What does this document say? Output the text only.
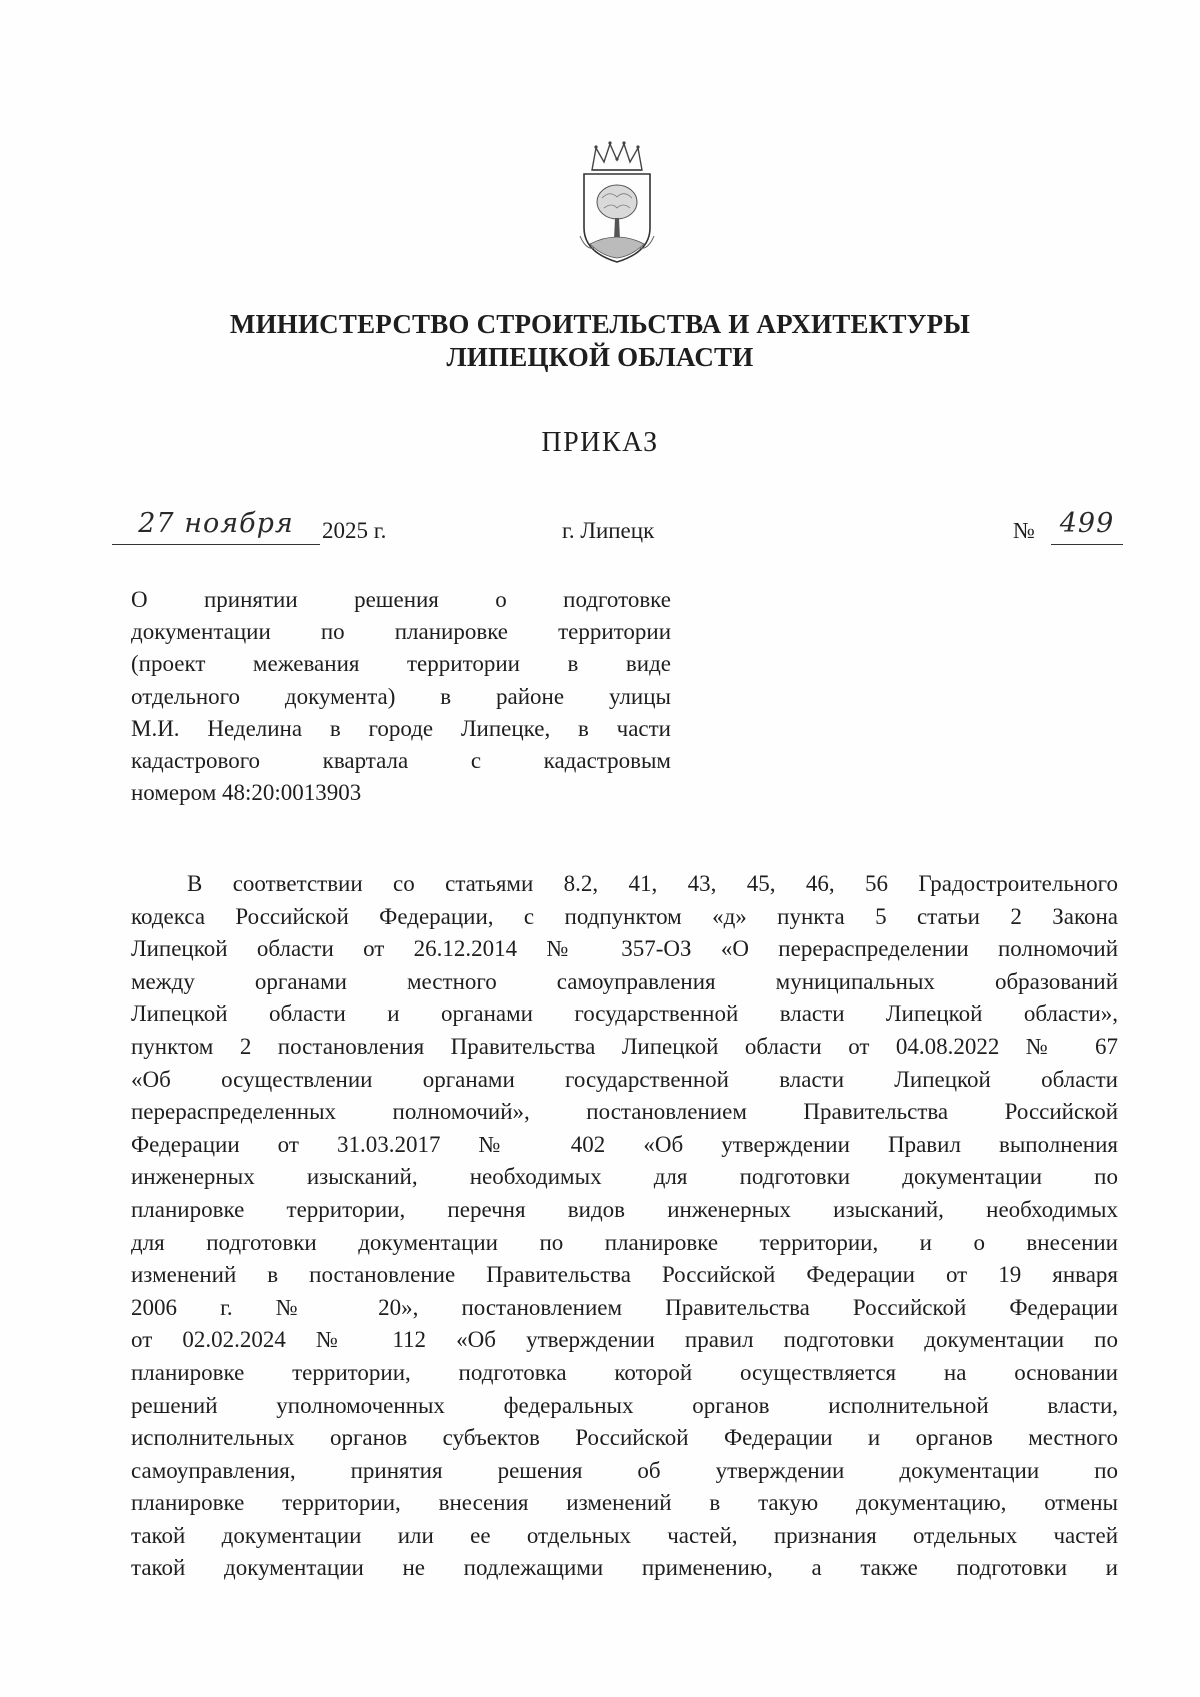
МИНИСТЕРСТВО СТРОИТЕЛЬСТВА И АРХИТЕКТУРЫ
ЛИПЕЦКОЙ ОБЛАСТИ
ПРИКАЗ
27 ноября	2025 г.	г. Липецк	№ 499
О принятии решения о подготовке
документации по планировке территории
(проект межевания территории в виде
отдельного документа) в районе улицы
М.И. Неделина в городе Липецке, в части
кадастрового квартала с кадастровым
номером 48:20:0013903
В соответствии со статьями 8.2, 41, 43, 45, 46, 56 Градостроительного
кодекса Российской Федерации, с подпунктом «д» пункта 5 статьи 2 Закона
Липецкой области от 26.12.2014 № 357-ОЗ «О перераспределении полномочий
между органами местного самоуправления муниципальных образований
Липецкой области и органами государственной власти Липецкой области»,
пунктом 2 постановления Правительства Липецкой области от 04.08.2022 № 67
«Об осуществлении органами государственной власти Липецкой области
перераспределенных полномочий», постановлением Правительства Российской
Федерации от 31.03.2017 № 402 «Об утверждении Правил выполнения
инженерных изысканий, необходимых для подготовки документации по
планировке территории, перечня видов инженерных изысканий, необходимых
для подготовки документации по планировке территории, и о внесении
изменений в постановление Правительства Российской Федерации от 19 января
2006 г. № 20», постановлением Правительства Российской Федерации
от 02.02.2024 № 112 «Об утверждении правил подготовки документации по
планировке территории, подготовка которой осуществляется на основании
решений уполномоченных федеральных органов исполнительной власти,
исполнительных органов субъектов Российской Федерации и органов местного
самоуправления, принятия решения об утверждении документации по
планировке территории, внесения изменений в такую документацию, отмены
такой документации или ее отдельных частей, признания отдельных частей
такой документации не подлежащими применению, а также подготовки и
